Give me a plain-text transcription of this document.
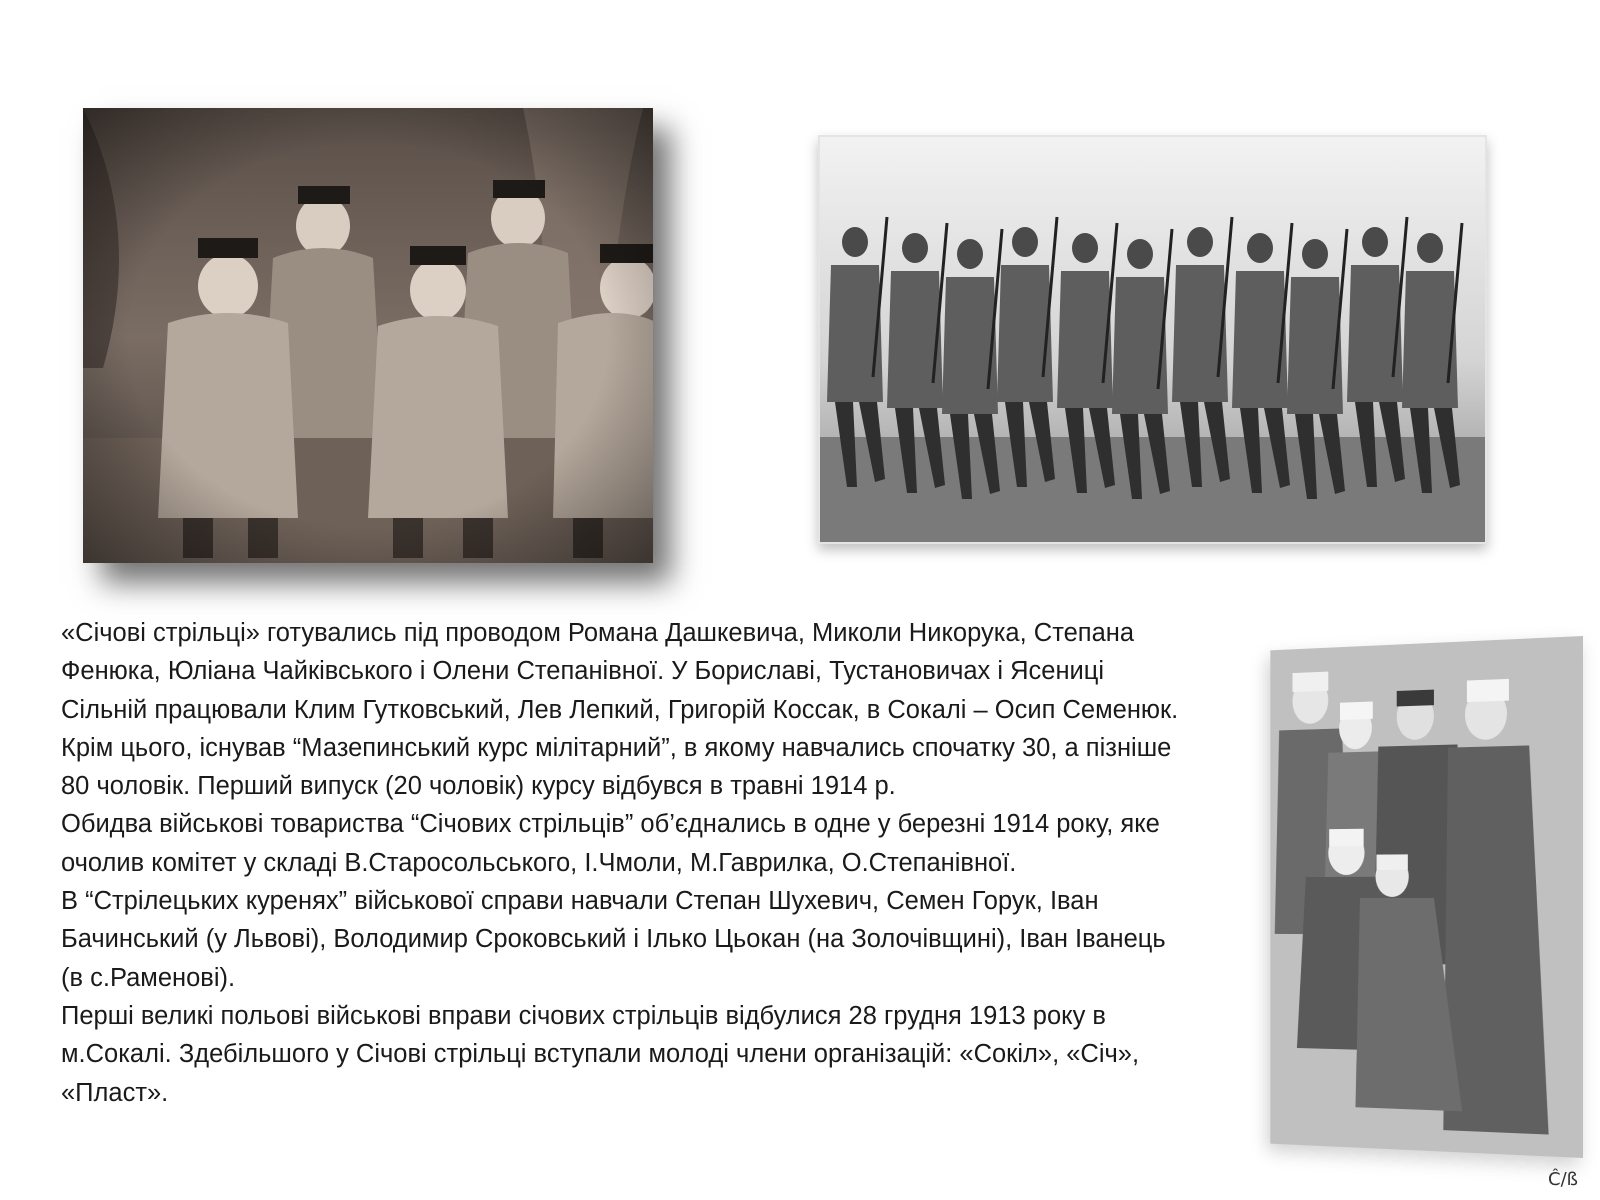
«Січові стрільці» готувались під проводом Романа Дашкевича, Миколи Никорука, Степана Фенюка, Юліана Чайківського і Олени Степанівної. У Бориславі, Тустановичах і Ясениці Сільній працювали Клим Гутковський, Лев Лепкий, Григорій Коссак, в Сокалі – Осип Семенюк. Крім цього, існував “Мазепинський курс мілітарний”, в якому навчались спочатку 30, а пізніше 80 чоловік. Перший випуск (20 чоловік) курсу відбувся в травні 1914 р.

Обидва військові товариства “Січових стрільців” об’єднались в одне у березні 1914 року, яке очолив комітет у складі В.Старосольського, І.Чмоли, М.Гаврилка, О.Степанівної.

В “Стрілецьких куренях” військової справи навчали Степан Шухевич, Семен Горук, Іван Бачинський (у Львові), Володимир Сроковський і Ілько Цьокан (на Золочівщині), Іван Іванець (в с.Раменові).

Перші великі польові військові вправи січових стрільців відбулися 28 грудня 1913 року в м.Сокалі. Здебільшого у Січові стрільці вступали молоді члени організацій: «Сокіл», «Січ», «Пласт».

Ĉ/ß
